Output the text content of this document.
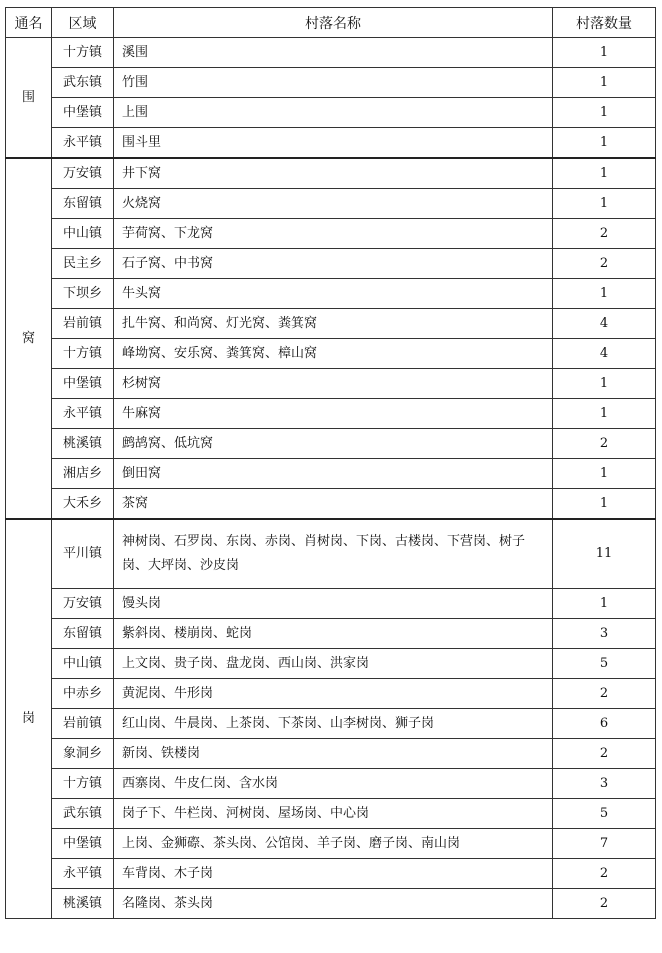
通名	区域	村落名称	村落数量
围	十方镇	溪围	1
	武东镇	竹围	1
	中堡镇	上围	1
	永平镇	围斗里	1
窝	万安镇	井下窝	1
	东留镇	火烧窝	1
	中山镇	芋荷窝、下龙窝	2
	民主乡	石子窝、中书窝	2
	下坝乡	牛头窝	1
	岩前镇	扎牛窝、和尚窝、灯光窝、粪箕窝	4
	十方镇	峰坳窝、安乐窝、粪箕窝、樟山窝	4
	中堡镇	杉树窝	1
	永平镇	牛麻窝	1
	桃溪镇	鹧鸪窝、低坑窝	2
	湘店乡	倒田窝	1
	大禾乡	茶窝	1
岗	平川镇	神树岗、石罗岗、东岗、赤岗、肖树岗、下岗、古楼岗、下营岗、树子岗、大坪岗、沙皮岗	11
	万安镇	馒头岗	1
	东留镇	紫斜岗、楼崩岗、蛇岗	3
	中山镇	上文岗、贵子岗、盘龙岗、西山岗、洪家岗	5
	中赤乡	黄泥岗、牛形岗	2
	岩前镇	红山岗、牛晨岗、上茶岗、下茶岗、山李树岗、狮子岗	6
	象洞乡	新岗、铁楼岗	2
	十方镇	西寨岗、牛皮仁岗、含水岗	3
	武东镇	岗子下、牛栏岗、河树岗、屋场岗、中心岗	5
	中堡镇	上岗、金狮磜、茶头岗、公馆岗、羊子岗、磨子岗、南山岗	7
	永平镇	车背岗、木子岗	2
	桃溪镇	名隆岗、茶头岗	2
